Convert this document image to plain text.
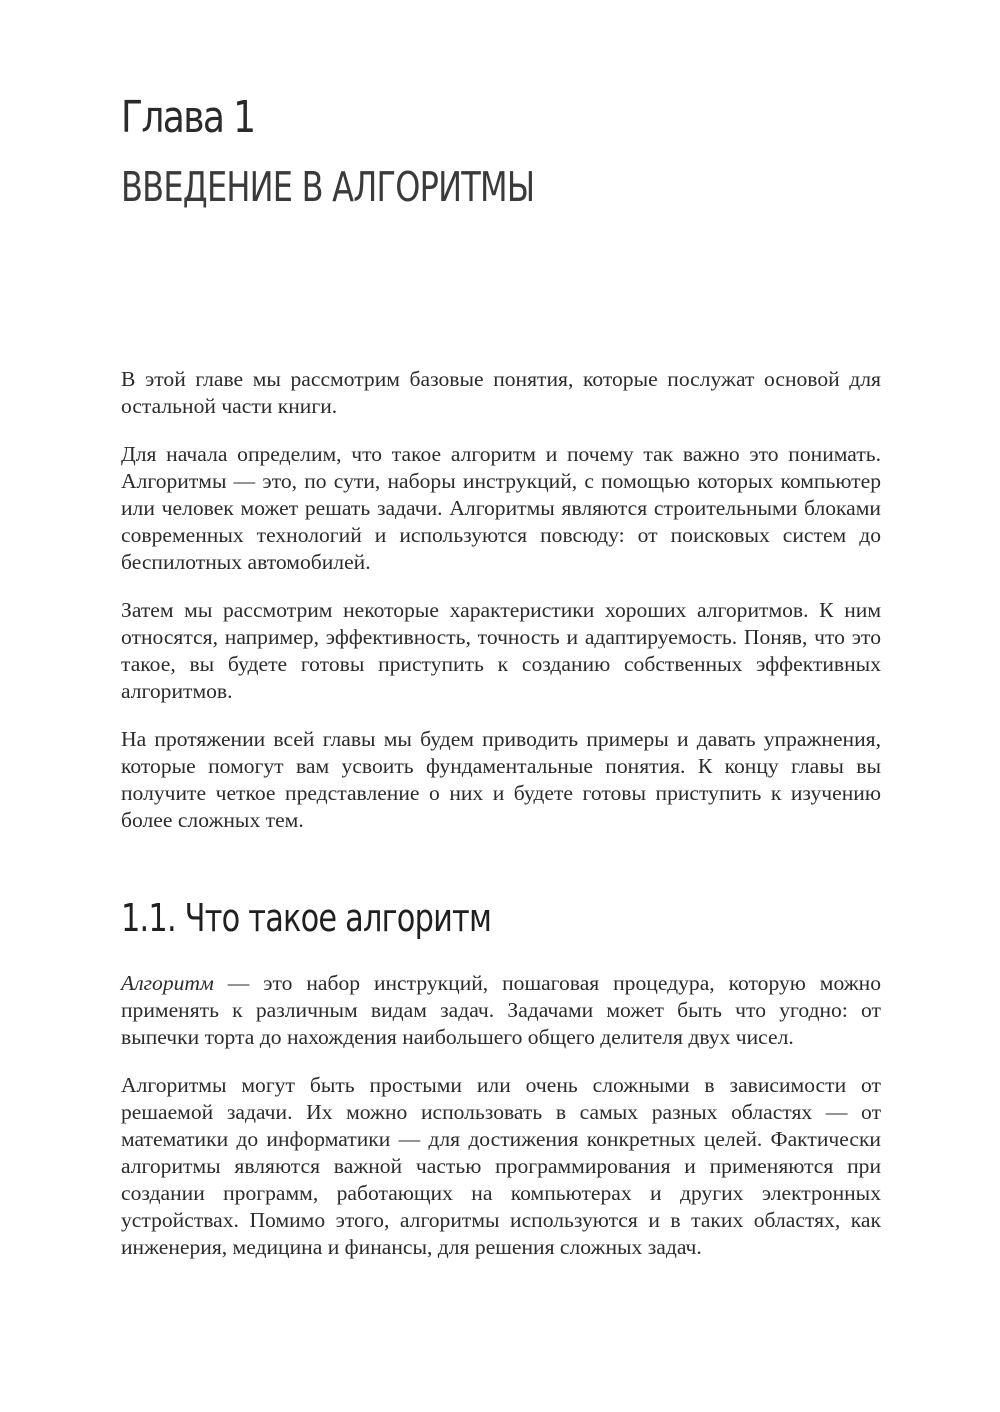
Глава 1
ВВЕДЕНИЕ В АЛГОРИТМЫ

В этой главе мы рассмотрим базовые понятия, которые послужат основой для остальной части книги.

Для начала определим, что такое алгоритм и почему так важно это понимать. Алгоритмы — это, по сути, наборы инструкций, с помощью которых компьютер или человек может решать задачи. Алгоритмы являются строительными блоками современных технологий и используются повсюду: от поисковых систем до беспилотных автомобилей.

Затем мы рассмотрим некоторые характеристики хороших алгоритмов. К ним относятся, например, эффективность, точность и адаптируемость. Поняв, что это такое, вы будете готовы приступить к созданию собственных эффективных алгоритмов.

На протяжении всей главы мы будем приводить примеры и давать упражнения, которые помогут вам усвоить фундаментальные понятия. К концу главы вы получите четкое представление о них и будете готовы приступить к изучению более сложных тем.

1.1. Что такое алгоритм

Алгоритм — это набор инструкций, пошаговая процедура, которую можно применять к различным видам задач. Задачами может быть что угодно: от выпечки торта до нахождения наибольшего общего делителя двух чисел.

Алгоритмы могут быть простыми или очень сложными в зависимости от решаемой задачи. Их можно использовать в самых разных областях — от математики до информатики — для достижения конкретных целей. Фактически алгоритмы являются важной частью программирования и применяются при создании программ, работающих на компьютерах и других электронных устройствах. Помимо этого, алгоритмы используются и в таких областях, как инженерия, медицина и финансы, для решения сложных задач.
